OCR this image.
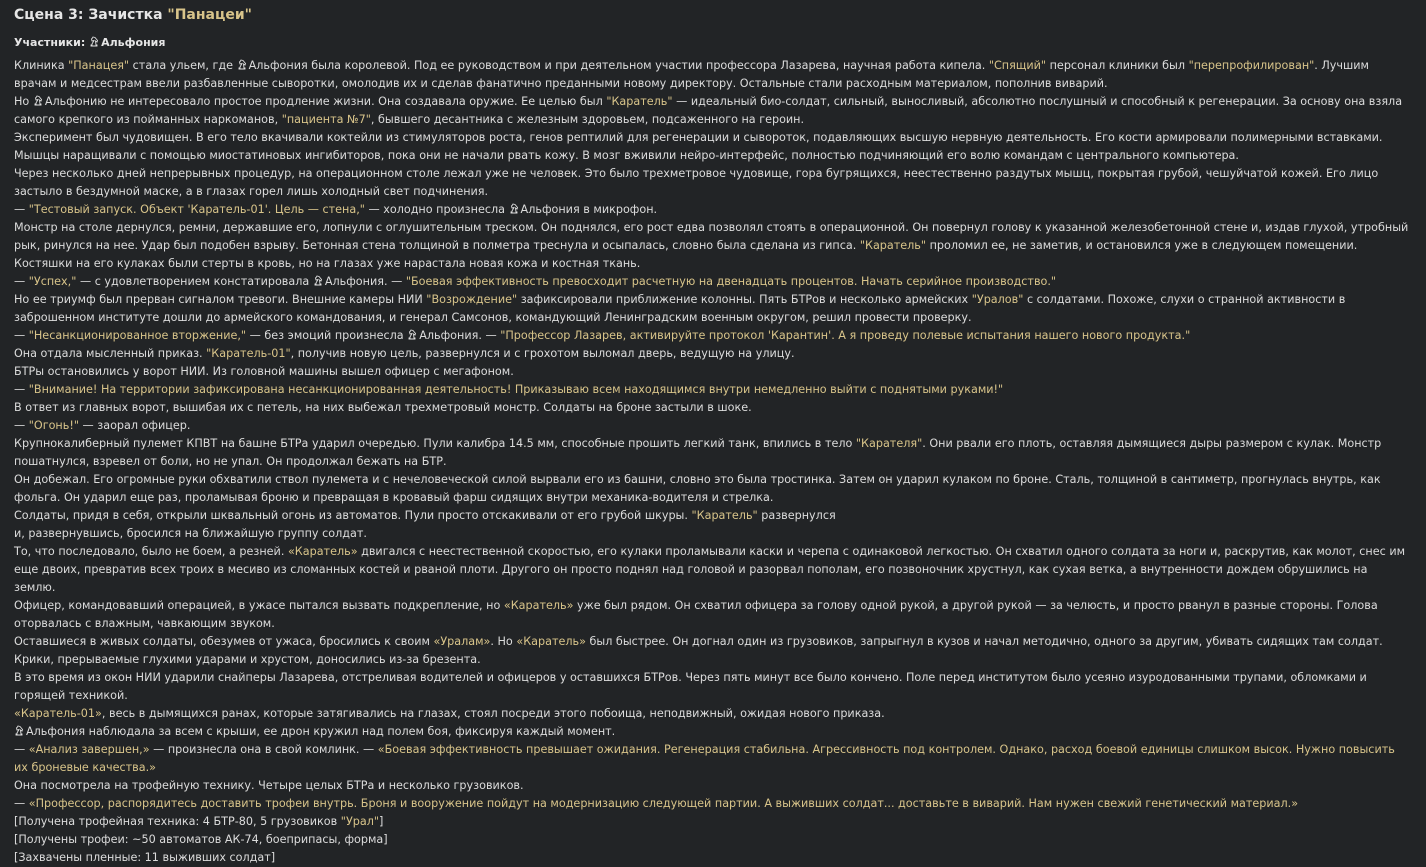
Сцена 3: Зачистка "Панацеи"
Участники: Альфония
Клиника "Панацея" стала ульем, где Альфония была королевой. Под ее руководством и при деятельном участии профессора Лазарева, научная работа кипела. "Спящий" персонал клиники был "перепрофилирован". Лучшим врачам и медсестрам ввели разбавленные сыворотки, омолодив их и сделав фанатично преданными новому директору. Остальные стали расходным материалом, пополнив виварий.
Но Альфонию не интересовало простое продление жизни. Она создавала оружие. Ее целью был "Каратель" — идеальный био-солдат, сильный, выносливый, абсолютно послушный и способный к регенерации. За основу она взяла самого крепкого из пойманных наркоманов, "пациента №7", бывшего десантника с железным здоровьем, подсаженного на героин.
Эксперимент был чудовищен. В его тело вкачивали коктейли из стимуляторов роста, генов рептилий для регенерации и сывороток, подавляющих высшую нервную деятельность. Его кости армировали полимерными вставками. Мышцы наращивали с помощью миостатиновых ингибиторов, пока они не начали рвать кожу. В мозг вживили нейро-интерфейс, полностью подчиняющий его волю командам с центрального компьютера.
Через несколько дней непрерывных процедур, на операционном столе лежал уже не человек. Это было трехметровое чудовище, гора бугрящихся, неестественно раздутых мышц, покрытая грубой, чешуйчатой кожей. Его лицо застыло в бездумной маске, а в глазах горел лишь холодный свет подчинения.
— "Тестовый запуск. Объект 'Каратель-01'. Цель — стена," — холодно произнесла Альфония в микрофон.
Монстр на столе дернулся, ремни, державшие его, лопнули с оглушительным треском. Он поднялся, его рост едва позволял стоять в операционной. Он повернул голову к указанной железобетонной стене и, издав глухой, утробный рык, ринулся на нее. Удар был подобен взрыву. Бетонная стена толщиной в полметра треснула и осыпалась, словно была сделана из гипса. "Каратель" проломил ее, не заметив, и остановился уже в следующем помещении. Костяшки на его кулаках были стерты в кровь, но на глазах уже нарастала новая кожа и костная ткань.
— "Успех," — с удовлетворением констатировала Альфония. — "Боевая эффективность превосходит расчетную на двенадцать процентов. Начать серийное производство."
Но ее триумф был прерван сигналом тревоги. Внешние камеры НИИ "Возрождение" зафиксировали приближение колонны. Пять БТРов и несколько армейских "Уралов" с солдатами. Похоже, слухи о странной активности в заброшенном институте дошли до армейского командования, и генерал Самсонов, командующий Ленинградским военным округом, решил провести проверку.
— "Несанкционированное вторжение," — без эмоций произнесла Альфония. — "Профессор Лазарев, активируйте протокол 'Карантин'. А я проведу полевые испытания нашего нового продукта."
Она отдала мысленный приказ. "Каратель-01", получив новую цель, развернулся и с грохотом выломал дверь, ведущую на улицу.
БТРы остановились у ворот НИИ. Из головной машины вышел офицер с мегафоном.
— "Внимание! На территории зафиксирована несанкционированная деятельность! Приказываю всем находящимся внутри немедленно выйти с поднятыми руками!"
В ответ из главных ворот, вышибая их с петель, на них выбежал трехметровый монстр. Солдаты на броне застыли в шоке.
— "Огонь!" — заорал офицер.
Крупнокалиберный пулемет КПВТ на башне БТРа ударил очередью. Пули калибра 14.5 мм, способные прошить легкий танк, впились в тело "Карателя". Они рвали его плоть, оставляя дымящиеся дыры размером с кулак. Монстр пошатнулся, взревел от боли, но не упал. Он продолжал бежать на БТР.
Он добежал. Его огромные руки обхватили ствол пулемета и с нечеловеческой силой вырвали его из башни, словно это была тростинка. Затем он ударил кулаком по броне. Сталь, толщиной в сантиметр, прогнулась внутрь, как фольга. Он ударил еще раз, проламывая броню и превращая в кровавый фарш сидящих внутри механика-водителя и стрелка.
Солдаты, придя в себя, открыли шквальный огонь из автоматов. Пули просто отскакивали от его грубой шкуры. "Каратель" развернулся
и, развернувшись, бросился на ближайшую группу солдат.
То, что последовало, было не боем, а резней. «Каратель» двигался с неестественной скоростью, его кулаки проламывали каски и черепа с одинаковой легкостью. Он схватил одного солдата за ноги и, раскрутив, как молот, снес им еще двоих, превратив всех троих в месиво из сломанных костей и рваной плоти. Другого он просто поднял над головой и разорвал пополам, его позвоночник хрустнул, как сухая ветка, а внутренности дождем обрушились на землю.
Офицер, командовавший операцией, в ужасе пытался вызвать подкрепление, но «Каратель» уже был рядом. Он схватил офицера за голову одной рукой, а другой рукой — за челюсть, и просто рванул в разные стороны. Голова оторвалась с влажным, чавкающим звуком.
Оставшиеся в живых солдаты, обезумев от ужаса, бросились к своим «Уралам». Но «Каратель» был быстрее. Он догнал один из грузовиков, запрыгнул в кузов и начал методично, одного за другим, убивать сидящих там солдат. Крики, прерываемые глухими ударами и хрустом, доносились из-за брезента.
В это время из окон НИИ ударили снайперы Лазарева, отстреливая водителей и офицеров у оставшихся БТРов. Через пять минут все было кончено. Поле перед институтом было усеяно изуродованными трупами, обломками и горящей техникой.
«Каратель-01», весь в дымящихся ранах, которые затягивались на глазах, стоял посреди этого побоища, неподвижный, ожидая нового приказа.
Альфония наблюдала за всем с крыши, ее дрон кружил над полем боя, фиксируя каждый момент.
— «Анализ завершен,» — произнесла она в свой комлинк. — «Боевая эффективность превышает ожидания. Регенерация стабильна. Агрессивность под контролем. Однако, расход боевой единицы слишком высок. Нужно повысить их броневые качества.»
Она посмотрела на трофейную технику. Четыре целых БТРа и несколько грузовиков.
— «Профессор, распорядитесь доставить трофеи внутрь. Броня и вооружение пойдут на модернизацию следующей партии. А выживших солдат... доставьте в виварий. Нам нужен свежий генетический материал.»
[Получена трофейная техника: 4 БТР-80, 5 грузовиков "Урал"]
[Получены трофеи: ~50 автоматов АК-74, боеприпасы, форма]
[Захвачены пленные: 11 выживших солдат]
